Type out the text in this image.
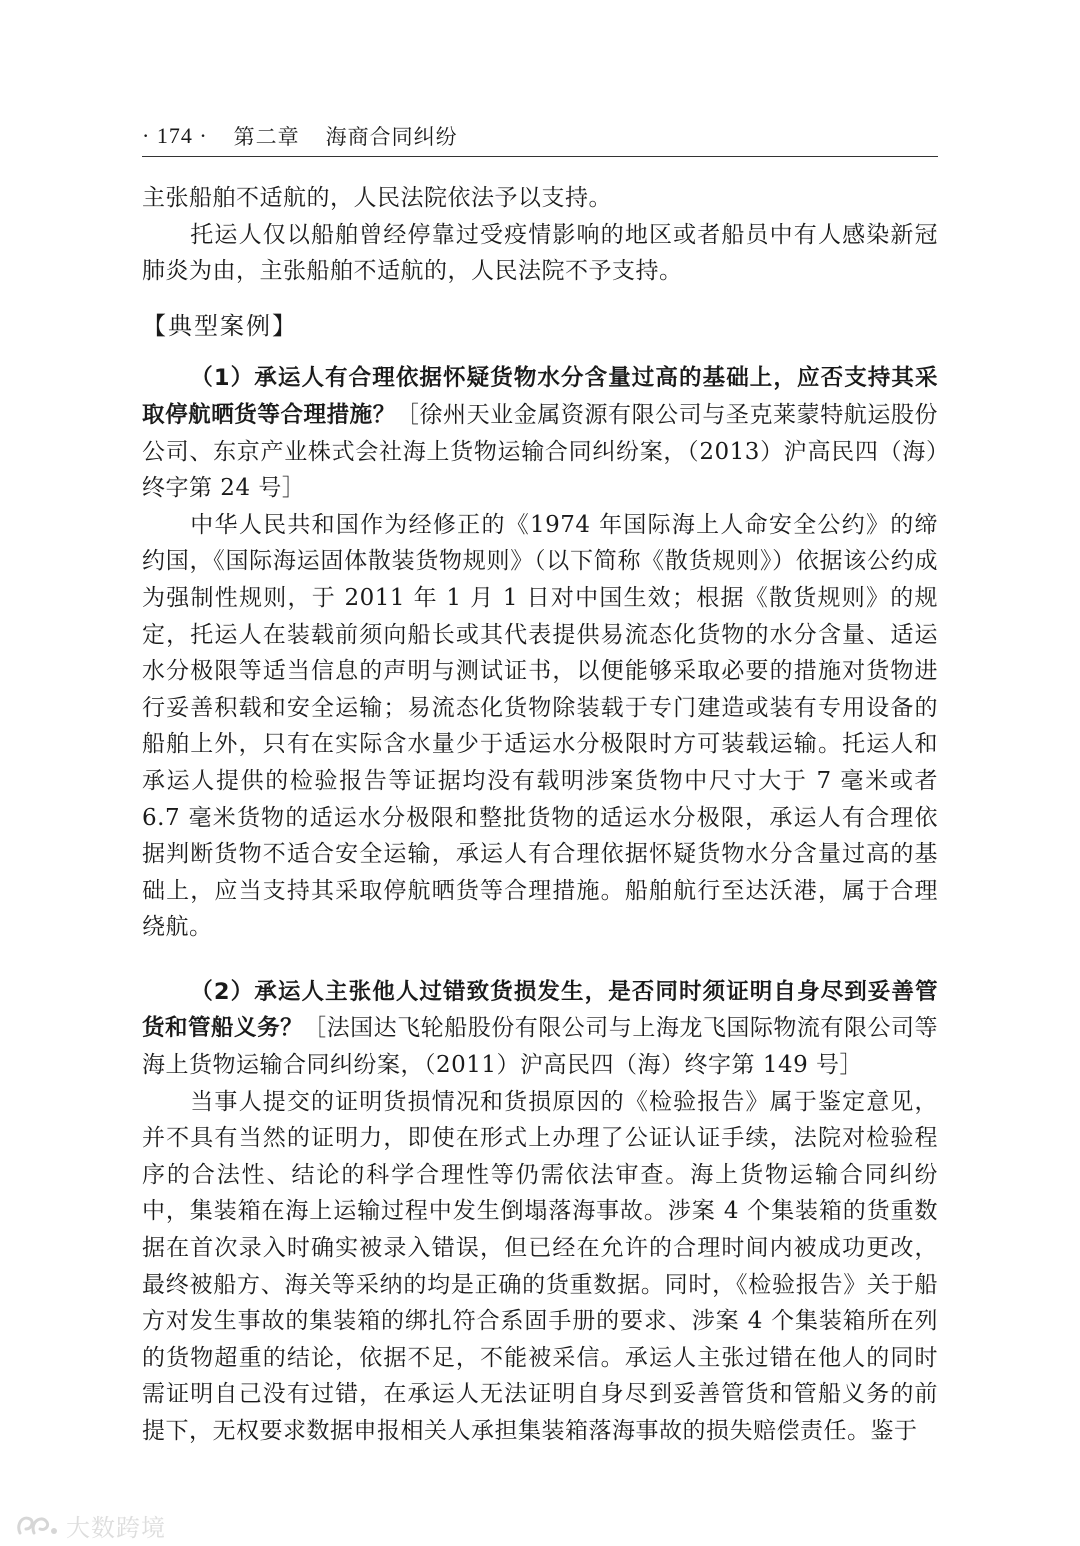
· 174 · 第二章 海商合同纠纷

主张船舶不适航的，人民法院依法予以支持。

托运人仅以船舶曾经停靠过受疫情影响的地区或者船员中有人感染新冠肺炎为由，主张船舶不适航的，人民法院不予支持。

【典型案例】

（1）承运人有合理依据怀疑货物水分含量过高的基础上，应否支持其采取停航晒货等合理措施？［徐州天业金属资源有限公司与圣克莱蒙特航运股份公司、东京产业株式会社海上货物运输合同纠纷案，（2013）沪高民四（海）终字第 24 号］

中华人民共和国作为经修正的《1974 年国际海上人命安全公约》的缔约国，《国际海运固体散装货物规则》（以下简称《散货规则》）依据该公约成为强制性规则，于 2011 年 1 月 1 日对中国生效；根据《散货规则》的规定，托运人在装载前须向船长或其代表提供易流态化货物的水分含量、适运水分极限等适当信息的声明与测试证书，以便能够采取必要的措施对货物进行妥善积载和安全运输；易流态化货物除装载于专门建造或装有专用设备的船舶上外，只有在实际含水量少于适运水分极限时方可装载运输。托运人和承运人提供的检验报告等证据均没有载明涉案货物中尺寸大于 7 毫米或者 6.7 毫米货物的适运水分极限和整批货物的适运水分极限，承运人有合理依据判断货物不适合安全运输，承运人有合理依据怀疑货物水分含量过高的基础上，应当支持其采取停航晒货等合理措施。船舶航行至达沃港，属于合理绕航。

（2）承运人主张他人过错致货损发生，是否同时须证明自身尽到妥善管货和管船义务？［法国达飞轮船股份有限公司与上海龙飞国际物流有限公司等海上货物运输合同纠纷案，（2011）沪高民四（海）终字第 149 号］

当事人提交的证明货损情况和货损原因的《检验报告》属于鉴定意见，并不具有当然的证明力，即使在形式上办理了公证认证手续，法院对检验程序的合法性、结论的科学合理性等仍需依法审查。海上货物运输合同纠纷中，集装箱在海上运输过程中发生倒塌落海事故。涉案 4 个集装箱的货重数据在首次录入时确实被录入错误，但已经在允许的合理时间内被成功更改，最终被船方、海关等采纳的均是正确的货重数据。同时，《检验报告》关于船方对发生事故的集装箱的绑扎符合系固手册的要求、涉案 4 个集装箱所在列的货物超重的结论，依据不足，不能被采信。承运人主张过错在他人的同时需证明自己没有过错，在承运人无法证明自身尽到妥善管货和管船义务的前提下，无权要求数据申报相关人承担集装箱落海事故的损失赔偿责任。鉴于

大数跨境
